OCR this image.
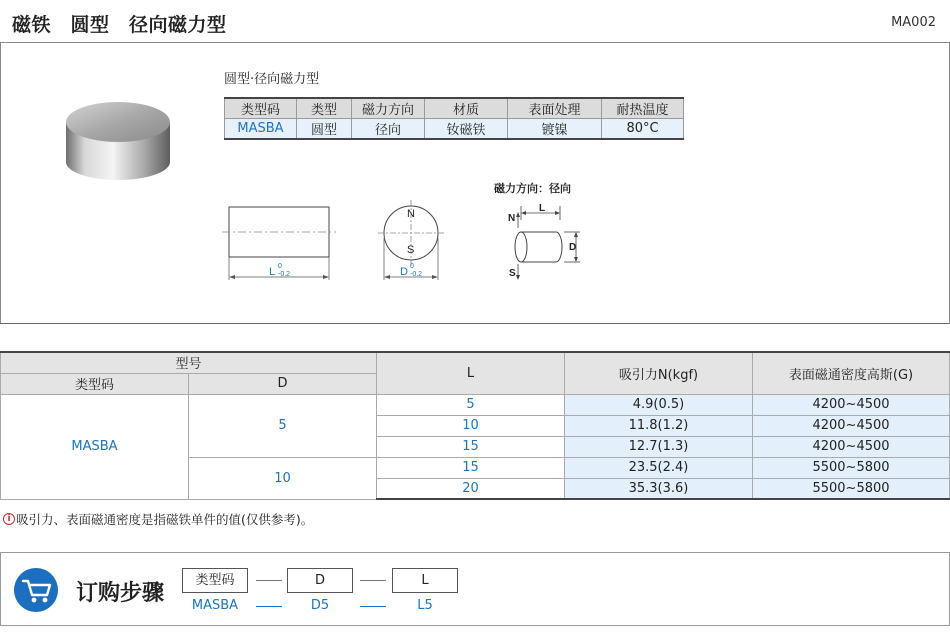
磁铁　圆型　径向磁力型	MA002
圆型·径向磁力型
类型码	类型	磁力方向	材质	表面处理	耐热温度
MASBA	圆型	径向	钕磁铁	镀镍	80°C
L 0
-0.2
N
S
D 0
-0.2
磁力方向：径向
L
D
N
S
型号		L	吸引力N(kgf)	表面磁通密度高斯(G)
类型码	D			
MASBA	5	5	4.9(0.5)	4200~4500
		10	11.8(1.2)	4200~4500
		15	12.7(1.3)	4200~4500
	10	15	23.5(2.4)	5500~5800
		20	35.3(3.6)	5500~5800
i 吸引力、表面磁通密度是指磁铁单件的值(仅供参考)。
订购步骤
类型码	D	L
MASBA	D5	L5
